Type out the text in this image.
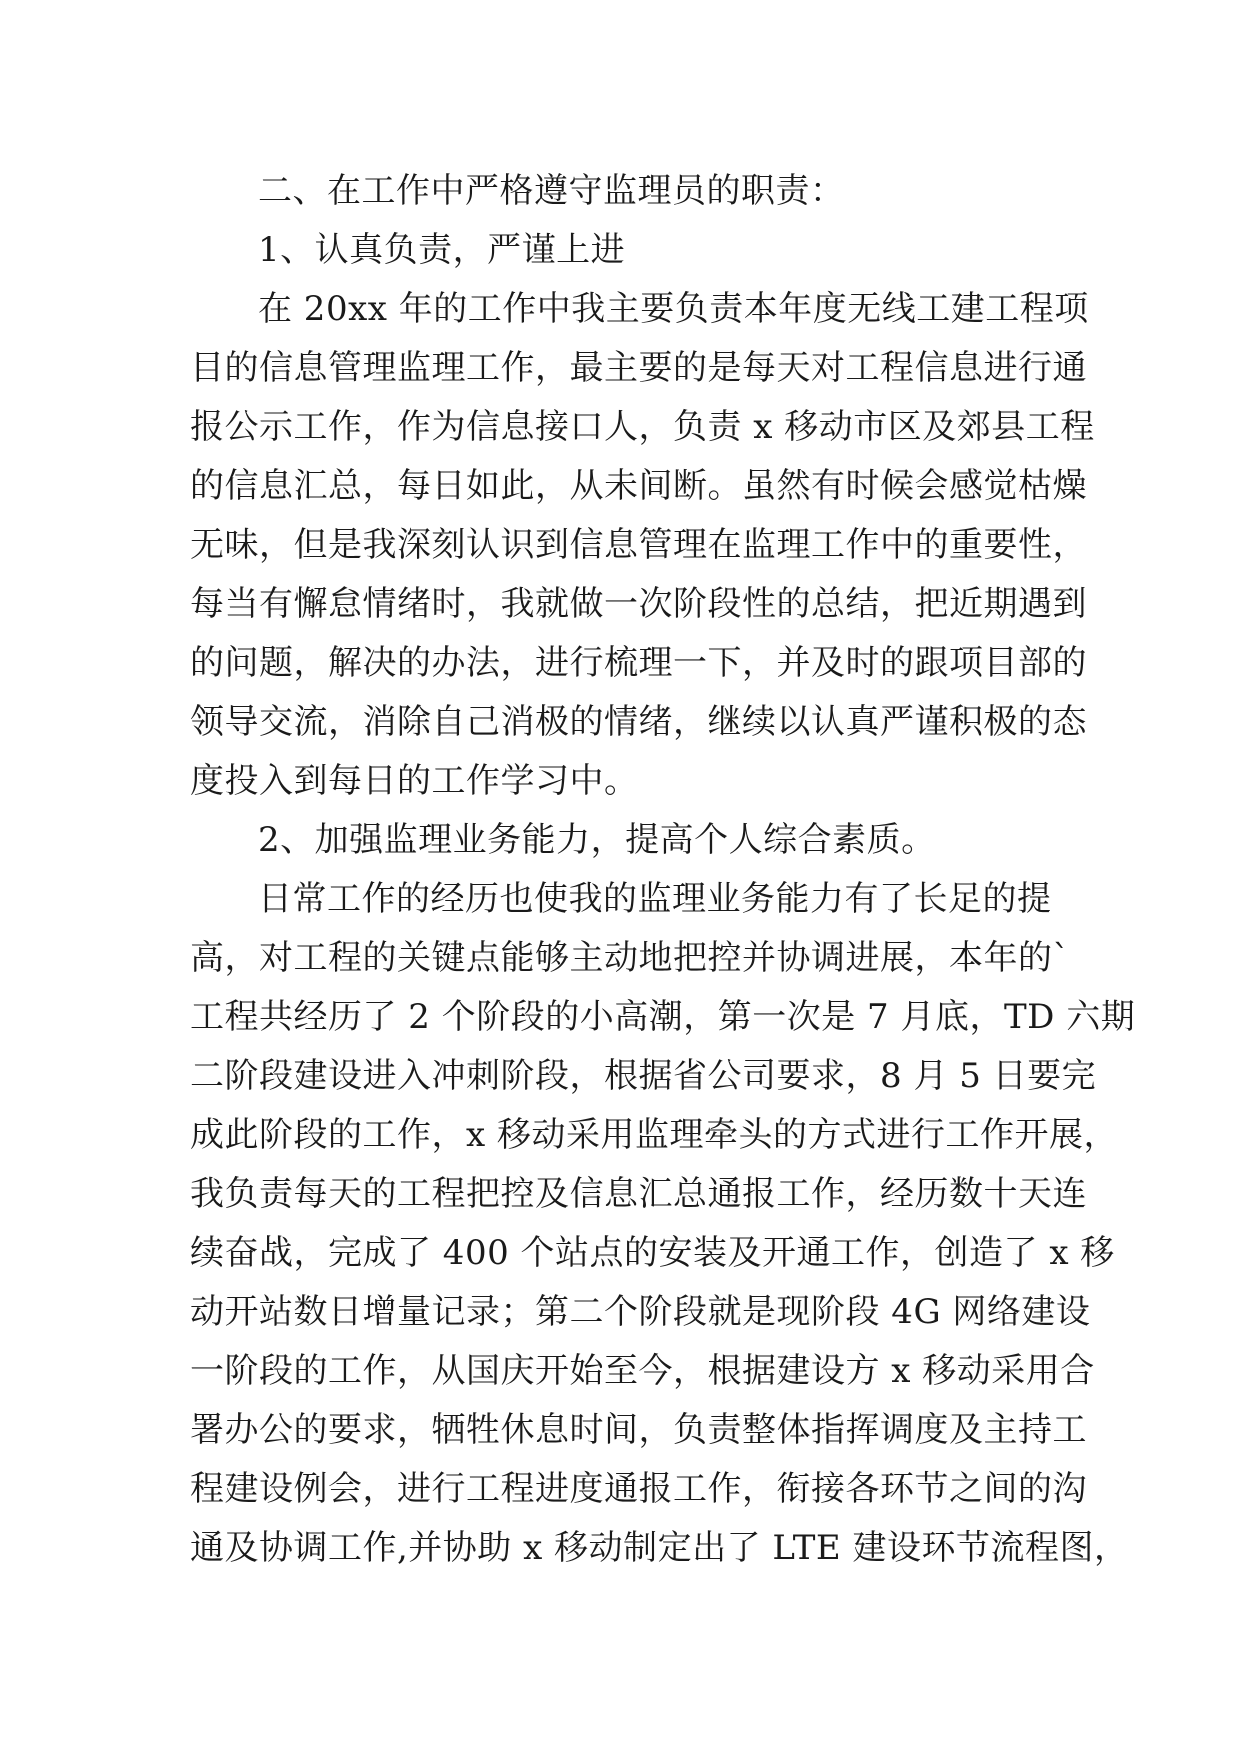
二、在工作中严格遵守监理员的职责：
1、认真负责，严谨上进
在 20xx 年的工作中我主要负责本年度无线工建工程项
目的信息管理监理工作，最主要的是每天对工程信息进行通
报公示工作，作为信息接口人，负责 x 移动市区及郊县工程
的信息汇总，每日如此，从未间断。虽然有时候会感觉枯燥
无味，但是我深刻认识到信息管理在监理工作中的重要性，
每当有懈怠情绪时，我就做一次阶段性的总结，把近期遇到
的问题，解决的办法，进行梳理一下，并及时的跟项目部的
领导交流，消除自己消极的情绪，继续以认真严谨积极的态
度投入到每日的工作学习中。
2、加强监理业务能力，提高个人综合素质。
日常工作的经历也使我的监理业务能力有了长足的提
高，对工程的关键点能够主动地把控并协调进展，本年的`
工程共经历了 2 个阶段的小高潮，第一次是 7 月底，TD 六期
二阶段建设进入冲刺阶段，根据省公司要求，8 月 5 日要完
成此阶段的工作，x 移动采用监理牵头的方式进行工作开展，
我负责每天的工程把控及信息汇总通报工作，经历数十天连
续奋战，完成了 400 个站点的安装及开通工作，创造了 x 移
动开站数日增量记录；第二个阶段就是现阶段 4G 网络建设
一阶段的工作，从国庆开始至今，根据建设方 x 移动采用合
署办公的要求，牺牲休息时间，负责整体指挥调度及主持工
程建设例会，进行工程进度通报工作，衔接各环节之间的沟
通及协调工作,并协助 x 移动制定出了 LTE 建设环节流程图，
